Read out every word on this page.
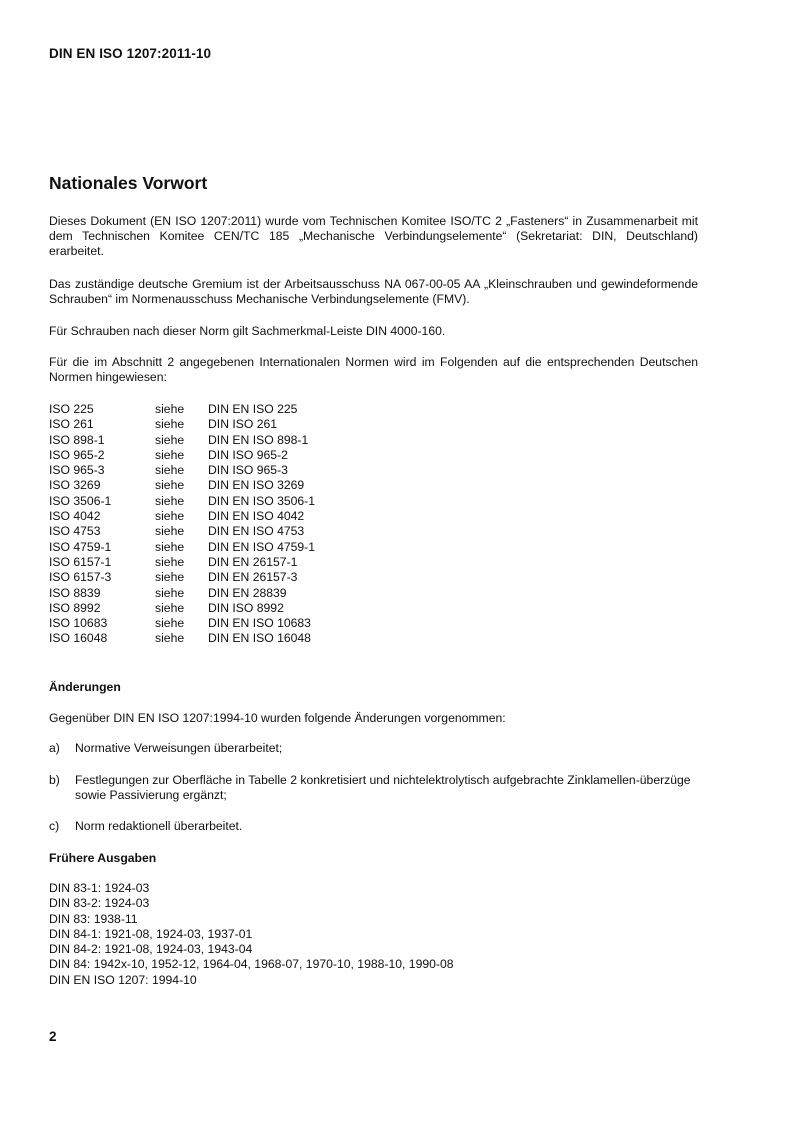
DIN EN ISO 1207:2011-10
Nationales Vorwort
Dieses Dokument (EN ISO 1207:2011) wurde vom Technischen Komitee ISO/TC 2 „Fasteners“ in Zusammenarbeit mit dem Technischen Komitee CEN/TC 185 „Mechanische Verbindungselemente“ (Sekretariat: DIN, Deutschland) erarbeitet.
Das zuständige deutsche Gremium ist der Arbeitsausschuss NA 067-00-05 AA „Kleinschrauben und gewindeformende Schrauben“ im Normenausschuss Mechanische Verbindungselemente (FMV).
Für Schrauben nach dieser Norm gilt Sachmerkmal-Leiste DIN 4000-160.
Für die im Abschnitt 2 angegebenen Internationalen Normen wird im Folgenden auf die entsprechenden Deutschen Normen hingewiesen:
ISO 225	siehe	DIN EN ISO 225
ISO 261	siehe	DIN ISO 261
ISO 898-1	siehe	DIN EN ISO 898-1
ISO 965-2	siehe	DIN ISO 965-2
ISO 965-3	siehe	DIN ISO 965-3
ISO 3269	siehe	DIN EN ISO 3269
ISO 3506-1	siehe	DIN EN ISO 3506-1
ISO 4042	siehe	DIN EN ISO 4042
ISO 4753	siehe	DIN EN ISO 4753
ISO 4759-1	siehe	DIN EN ISO 4759-1
ISO 6157-1	siehe	DIN EN 26157-1
ISO 6157-3	siehe	DIN EN 26157-3
ISO 8839	siehe	DIN EN 28839
ISO 8992	siehe	DIN ISO 8992
ISO 10683	siehe	DIN EN ISO 10683
ISO 16048	siehe	DIN EN ISO 16048
Änderungen
Gegenüber DIN EN ISO 1207:1994-10 wurden folgende Änderungen vorgenommen:
a) Normative Verweisungen überarbeitet;
b) Festlegungen zur Oberfläche in Tabelle 2 konkretisiert und nichtelektrolytisch aufgebrachte Zinklamellen-überzüge sowie Passivierung ergänzt;
c) Norm redaktionell überarbeitet.
Frühere Ausgaben
DIN 83-1: 1924-03
DIN 83-2: 1924-03
DIN 83: 1938-11
DIN 84-1: 1921-08, 1924-03, 1937-01
DIN 84-2: 1921-08, 1924-03, 1943-04
DIN 84: 1942x-10, 1952-12, 1964-04, 1968-07, 1970-10, 1988-10, 1990-08
DIN EN ISO 1207: 1994-10
2
